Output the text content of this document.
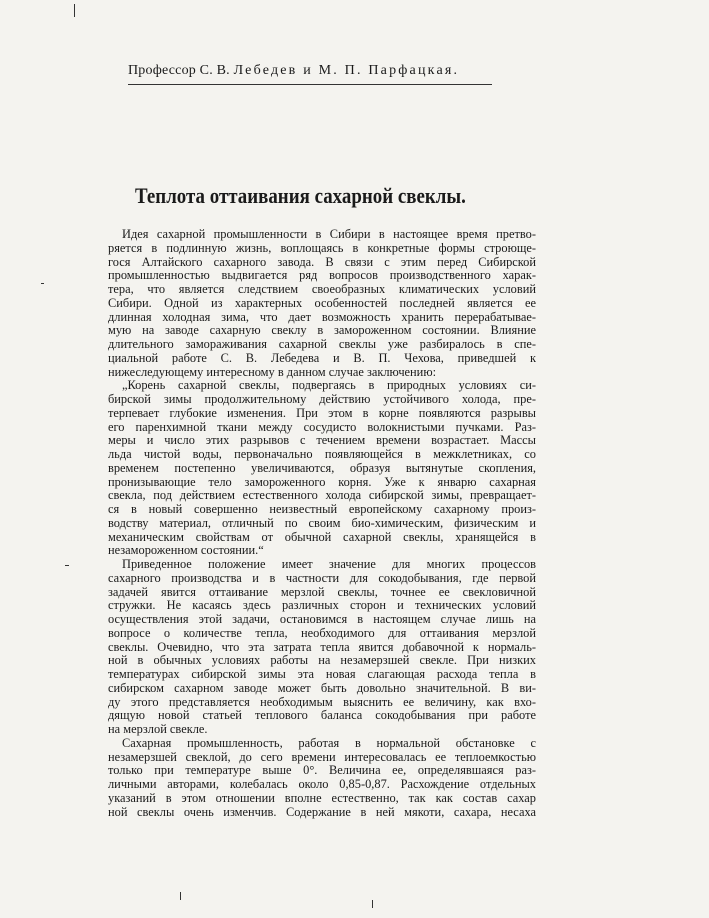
Профессор С. В. Лебедев и М. П. Парфацкая.
Теплота оттаивания сахарной свеклы.
Идея сахарной промышленности в Сибири в настоящее время претво-
ряется в подлинную жизнь, воплощаясь в конкретные формы строюще-
гося Алтайского сахарного завода. В связи с этим перед Сибирской
промышленностью выдвигается ряд вопросов производственного харак-
тера, что является следствием своеобразных климатических условий
Сибири. Одной из характерных особенностей последней является ее
длинная холодная зима, что дает возможность хранить перерабатывае-
мую на заводе сахарную свеклу в замороженном состоянии. Влияние
длительного замораживания сахарной свеклы уже разбиралось в спе-
циальной работе С. В. Лебедева и В. П. Чехова, приведшей к
нижеследующему интересному в данном случае заключению:
„Корень сахарной свеклы, подвергаясь в природных условиях си-
бирской зимы продолжительному действию устойчивого холода, пре-
терпевает глубокие изменения. При этом в корне появляются разрывы
его паренхимной ткани между сосудисто волокнистыми пучками. Раз-
меры и число этих разрывов с течением времени возрастает. Массы
льда чистой воды, первоначально появляющейся в межклетниках, со
временем постепенно увеличиваются, образуя вытянутые скопления,
пронизывающие тело замороженного корня. Уже к январю сахарная
свекла, под действием естественного холода сибирской зимы, превращает-
ся в новый совершенно неизвестный европейскому сахарному произ-
водству материал, отличный по своим био-химическим, физическим и
механическим свойствам от обычной сахарной свеклы, хранящейся в
незамороженном состоянии.“
Приведенное положение имеет значение для многих процессов
сахарного производства и в частности для сокодобывания, где первой
задачей явится оттаивание мерзлой свеклы, точнее ее свекловичной
стружки. Не касаясь здесь различных сторон и технических условий
осуществления этой задачи, остановимся в настоящем случае лишь на
вопросе о количестве тепла, необходимого для оттаивания мерзлой
свеклы. Очевидно, что эта затрата тепла явится добавочной к нормаль-
ной в обычных условиях работы на незамерзшей свекле. При низких
температурах сибирской зимы эта новая слагающая расхода тепла в
сибирском сахарном заводе может быть довольно значительной. В ви-
ду этого представляется необходимым выяснить ее величину, как вхо-
дящую новой статьей теплового баланса сокодобывания при работе
на мерзлой свекле.
Сахарная промышленность, работая в нормальной обстановке с
незамерзшей свеклой, до сего времени интересовалась ее теплоемкостью
только при температуре выше 0°. Величина ее, определявшаяся раз-
личными авторами, колебалась около 0,85-0,87. Расхождение отдельных
указаний в этом отношении вполне естественно, так как состав сахар
ной свеклы очень изменчив. Содержание в ней мякоти, сахара, несаха
